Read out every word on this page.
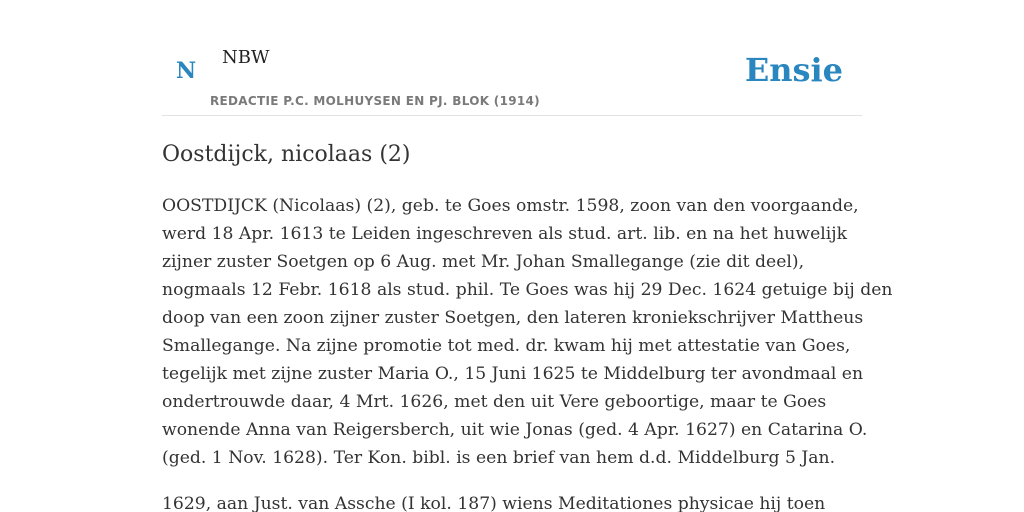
N
NBW
REDACTIE P.C. MOLHUYSEN EN PJ. BLOK (1914)
Ensie
Oostdijck, nicolaas (2)

OOSTDIJCK (Nicolaas) (2), geb. te Goes omstr. 1598, zoon van den voorgaande,
werd 18 Apr. 1613 te Leiden ingeschreven als stud. art. lib. en na het huwelijk
zijner zuster Soetgen op 6 Aug. met Mr. Johan Smallegange (zie dit deel),
nogmaals 12 Febr. 1618 als stud. phil. Te Goes was hij 29 Dec. 1624 getuige bij den
doop van een zoon zijner zuster Soetgen, den lateren kroniekschrijver Mattheus
Smallegange. Na zijne promotie tot med. dr. kwam hij met attestatie van Goes,
tegelijk met zijne zuster Maria O., 15 Juni 1625 te Middelburg ter avondmaal en
ondertrouwde daar, 4 Mrt. 1626, met den uit Vere geboortige, maar te Goes
wonende Anna van Reigersberch, uit wie Jonas (ged. 4 Apr. 1627) en Catarina O.
(ged. 1 Nov. 1628). Ter Kon. bibl. is een brief van hem d.d. Middelburg 5 Jan.

1629, aan Just. van Assche (I kol. 187) wiens Meditationes physicae hij toen
